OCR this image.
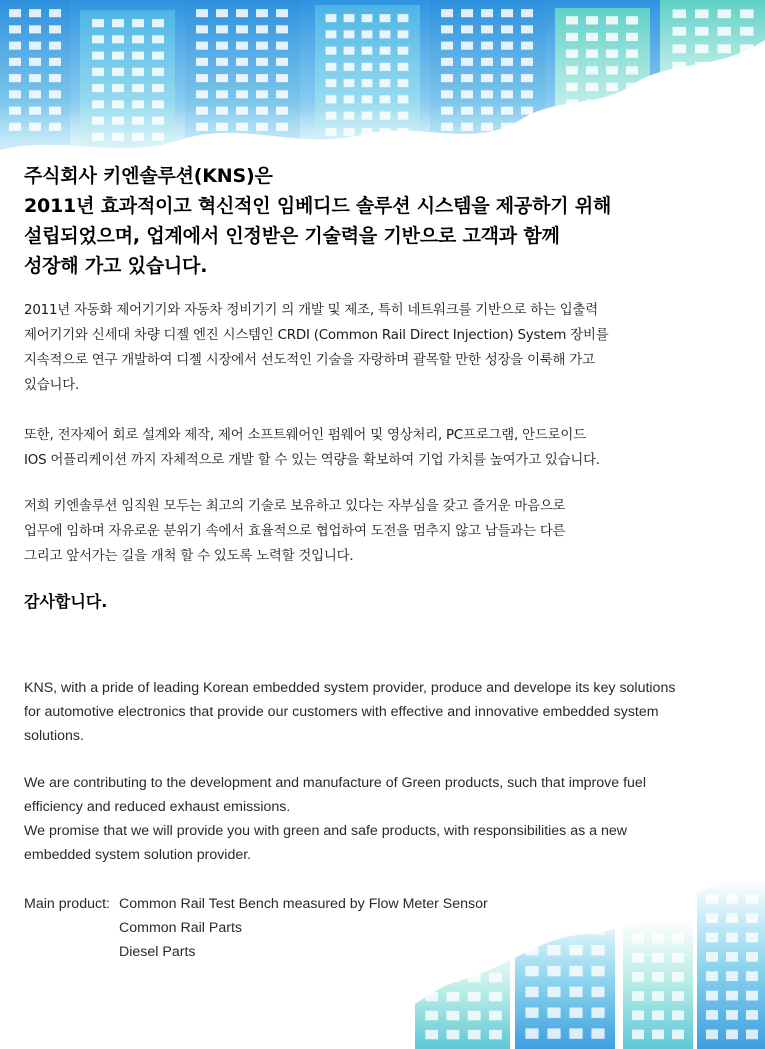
주식회사 키엔솔루션(KNS)은
2011년 효과적이고 혁신적인 임베디드 솔루션 시스템을 제공하기 위해
설립되었으며, 업계에서 인정받은 기술력을 기반으로 고객과 함께
성장해 가고 있습니다.

2011년 자동화 제어기기와 자동차 정비기기 의 개발 및 제조, 특히 네트워크를 기반으로 하는 입출력
제어기기와 신세대 차량 디젤 엔진 시스템인 CRDI (Common Rail Direct Injection) System 장비를
지속적으로 연구 개발하여 디젤 시장에서 선도적인 기술을 자랑하며 괄목할 만한 성장을 이룩해 가고
있습니다.

또한, 전자제어 회로 설계와 제작, 제어 소프트웨어인 펌웨어 및 영상처리, PC프로그램, 안드로이드
IOS 어플리케이션 까지 자체적으로 개발 할 수 있는 역량을 확보하여 기업 가치를 높여가고 있습니다.

저희 키엔솔루션 임직원 모두는 최고의 기술로 보유하고 있다는 자부심을 갖고 즐거운 마음으로
업무에 임하며 자유로운 분위기 속에서 효율적으로 협업하여 도전을 멈추지 않고 남들과는 다른
그리고 앞서가는 길을 개척 할 수 있도록 노력할 것입니다.

감사합니다.

KNS, with a pride of leading Korean embedded system provider, produce and develope its key solutions
for automotive electronics that provide our customers with effective and innovative embedded system
solutions.

We are contributing to the development and manufacture of Green products, such that improve fuel
efficiency and reduced exhaust emissions.
We promise that we will provide you with green and safe products, with responsibilities as a new
embedded system solution provider.

Main product: Common Rail Test Bench measured by Flow Meter Sensor
Common Rail Parts
Diesel Parts
